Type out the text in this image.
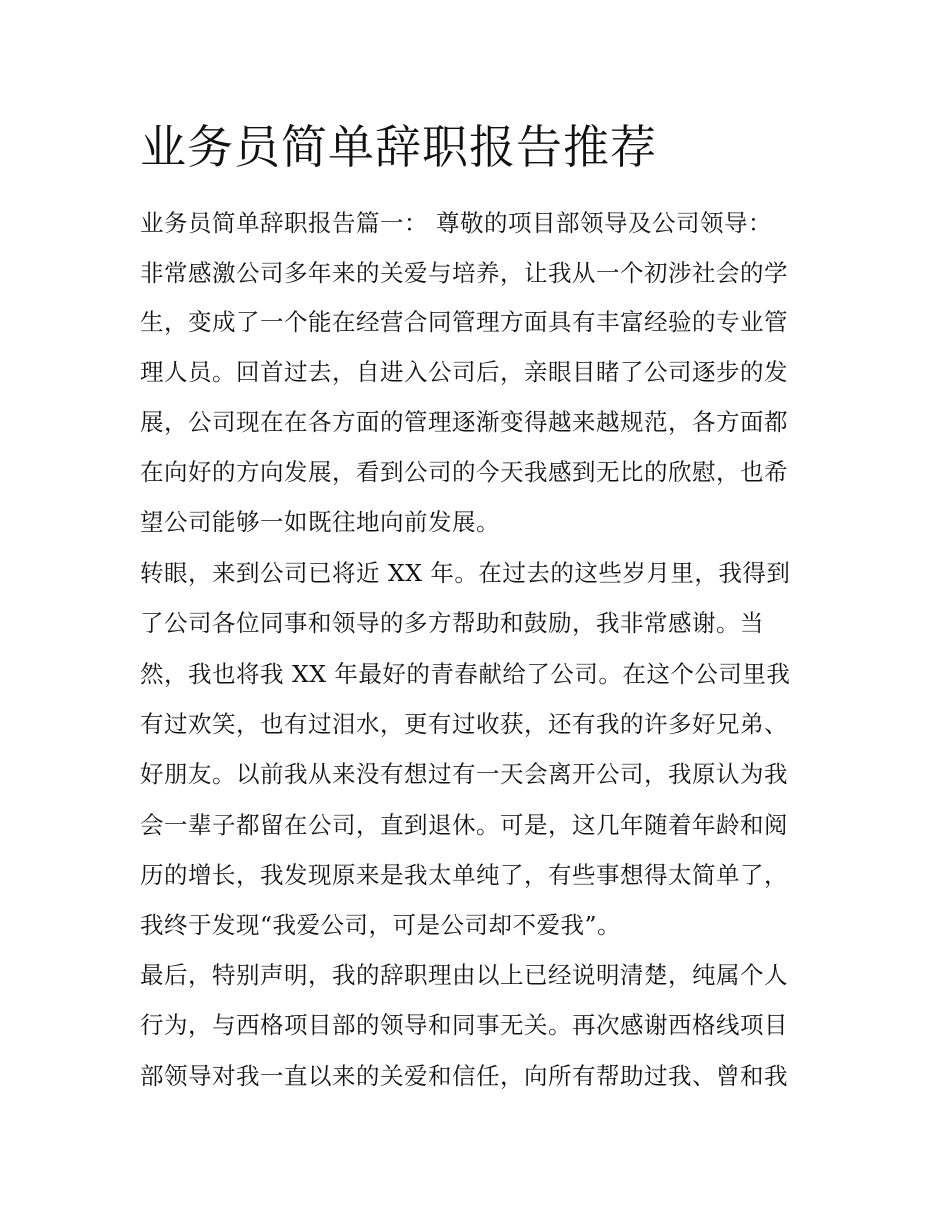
业务员简单辞职报告推荐
业务员简单辞职报告篇一： 尊敬的项目部领导及公司领导：
非常感激公司多年来的关爱与培养，让我从一个初涉社会的学
生，变成了一个能在经营合同管理方面具有丰富经验的专业管
理人员。回首过去，自进入公司后，亲眼目睹了公司逐步的发
展，公司现在在各方面的管理逐渐变得越来越规范，各方面都
在向好的方向发展，看到公司的今天我感到无比的欣慰，也希
望公司能够一如既往地向前发展。
转眼，来到公司已将近 XX 年。在过去的这些岁月里，我得到
了公司各位同事和领导的多方帮助和鼓励，我非常感谢。当
然，我也将我 XX 年最好的青春献给了公司。在这个公司里我
有过欢笑，也有过泪水，更有过收获，还有我的许多好兄弟、
好朋友。以前我从来没有想过有一天会离开公司，我原认为我
会一辈子都留在公司，直到退休。可是，这几年随着年龄和阅
历的增长，我发现原来是我太单纯了，有些事想得太简单了，
我终于发现“我爱公司，可是公司却不爱我”。
最后，特别声明，我的辞职理由以上已经说明清楚，纯属个人
行为，与西格项目部的领导和同事无关。再次感谢西格线项目
部领导对我一直以来的关爱和信任，向所有帮助过我、曾和我
